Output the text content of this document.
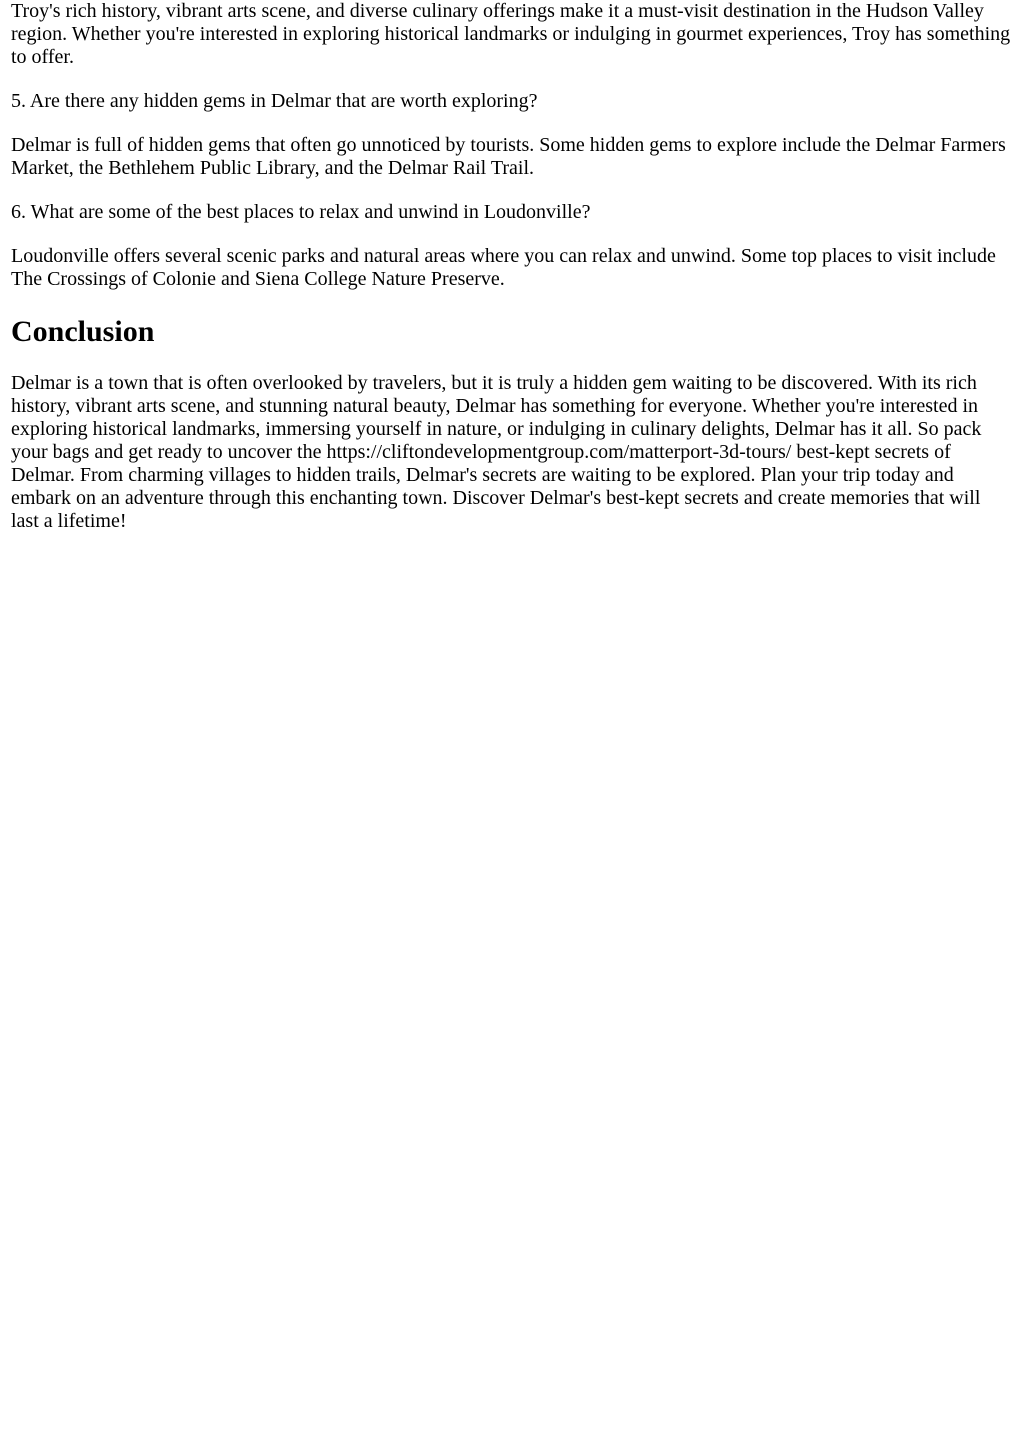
Troy's rich history, vibrant arts scene, and diverse culinary offerings make it a must-visit destination in the Hudson Valley region. Whether you're interested in exploring historical landmarks or indulging in gourmet experiences, Troy has something to offer.

5. Are there any hidden gems in Delmar that are worth exploring?

Delmar is full of hidden gems that often go unnoticed by tourists. Some hidden gems to explore include the Delmar Farmers Market, the Bethlehem Public Library, and the Delmar Rail Trail.

6. What are some of the best places to relax and unwind in Loudonville?

Loudonville offers several scenic parks and natural areas where you can relax and unwind. Some top places to visit include The Crossings of Colonie and Siena College Nature Preserve.

Conclusion

Delmar is a town that is often overlooked by travelers, but it is truly a hidden gem waiting to be discovered. With its rich history, vibrant arts scene, and stunning natural beauty, Delmar has something for everyone. Whether you're interested in exploring historical landmarks, immersing yourself in nature, or indulging in culinary delights, Delmar has it all. So pack your bags and get ready to uncover the https://cliftondevelopmentgroup.com/matterport-3d-tours/ best-kept secrets of Delmar. From charming villages to hidden trails, Delmar's secrets are waiting to be explored. Plan your trip today and embark on an adventure through this enchanting town. Discover Delmar's best-kept secrets and create memories that will last a lifetime!
